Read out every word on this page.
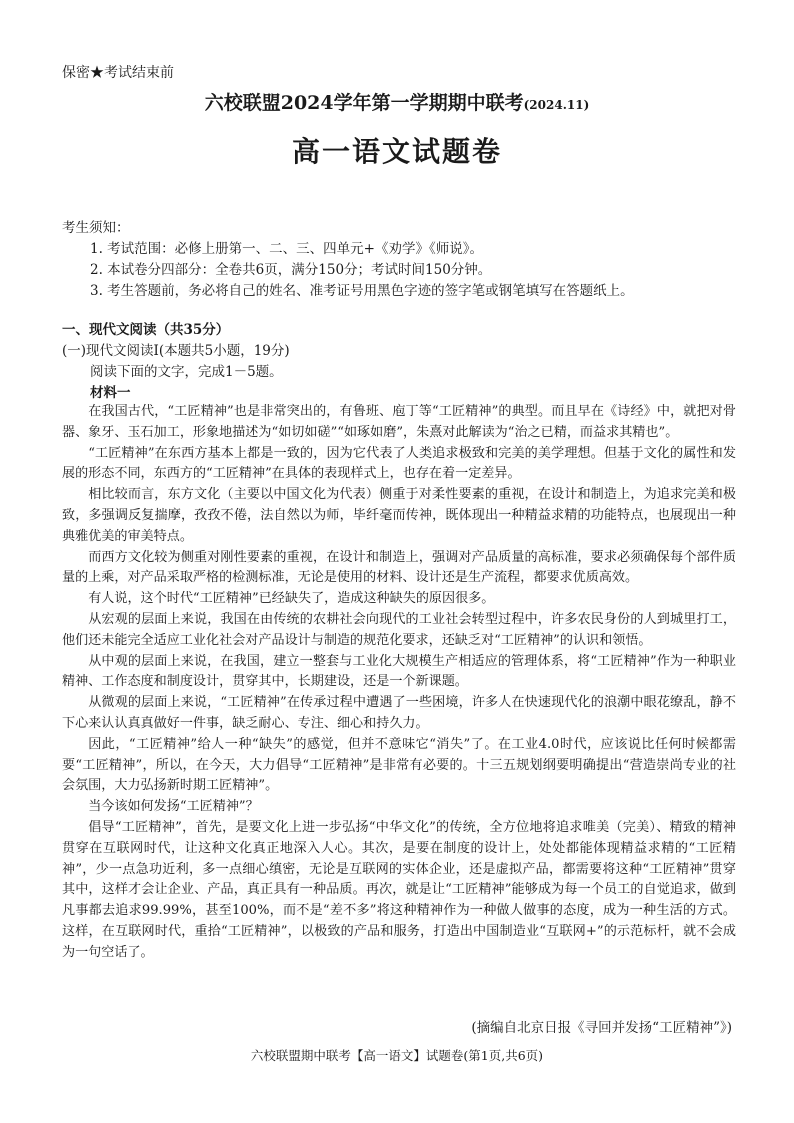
保密★考试结束前
六校联盟2024学年第一学期期中联考(2024.11)
高一语文试题卷
考生须知：
1. 考试范围：必修上册第一、二、三、四单元+《劝学》《师说》。
2. 本试卷分四部分：全卷共6页，满分150分；考试时间150分钟。
3. 考生答题前，务必将自己的姓名、准考证号用黑色字迹的签字笔或钢笔填写在答题纸上。
一、现代文阅读（共35分）
(一)现代文阅读I(本题共5小题，19分)
阅读下面的文字，完成1－5题。
材料一

在我国古代，“工匠精神”也是非常突出的，有鲁班、庖丁等“工匠精神”的典型。而且早在《诗经》中，就把对骨器、象牙、玉石加工，形象地描述为“如切如磋”“如琢如磨”，朱熹对此解读为“治之已精，而益求其精也”。

“工匠精神”在东西方基本上都是一致的，因为它代表了人类追求极致和完美的美学理想。但基于文化的属性和发展的形态不同，东西方的“工匠精神”在具体的表现样式上，也存在着一定差异。

相比较而言，东方文化（主要以中国文化为代表）侧重于对柔性要素的重视，在设计和制造上，为追求完美和极致，多强调反复揣摩，孜孜不倦，法自然以为师，毕纤毫而传神，既体现出一种精益求精的功能特点，也展现出一种典雅优美的审美特点。

而西方文化较为侧重对刚性要素的重视，在设计和制造上，强调对产品质量的高标准，要求必须确保每个部件质量的上乘，对产品采取严格的检测标准，无论是使用的材料、设计还是生产流程，都要求优质高效。

有人说，这个时代“工匠精神”已经缺失了，造成这种缺失的原因很多。

从宏观的层面上来说，我国在由传统的农耕社会向现代的工业社会转型过程中，许多农民身份的人到城里打工，他们还未能完全适应工业化社会对产品设计与制造的规范化要求，还缺乏对“工匠精神”的认识和领悟。

从中观的层面上来说，在我国，建立一整套与工业化大规模生产相适应的管理体系，将“工匠精神”作为一种职业精神、工作态度和制度设计，贯穿其中，长期建设，还是一个新课题。

从微观的层面上来说，“工匠精神”在传承过程中遭遇了一些困境，许多人在快速现代化的浪潮中眼花缭乱，静不下心来认认真真做好一件事，缺乏耐心、专注、细心和持久力。

因此，“工匠精神”给人一种“缺失”的感觉，但并不意味它“消失”了。在工业4.0时代，应该说比任何时候都需要“工匠精神”，所以，在今天，大力倡导“工匠精神”是非常有必要的。十三五规划纲要明确提出“营造崇尚专业的社会氛围，大力弘扬新时期工匠精神”。

当今该如何发扬“工匠精神”？

倡导“工匠精神”，首先，是要文化上进一步弘扬“中华文化”的传统，全方位地将追求唯美（完美）、精致的精神贯穿在互联网时代，让这种文化真正地深入人心。其次，是要在制度的设计上，处处都能体现精益求精的“工匠精神”，少一点急功近利，多一点细心缜密，无论是互联网的实体企业，还是虚拟产品，都需要将这种“工匠精神”贯穿其中，这样才会让企业、产品，真正具有一种品质。再次，就是让“工匠精神”能够成为每一个员工的自觉追求，做到凡事都去追求99.99%，甚至100%，而不是“差不多”将这种精神作为一种做人做事的态度，成为一种生活的方式。这样，在互联网时代，重拾“工匠精神”，以极致的产品和服务，打造出中国制造业“互联网+”的示范标杆，就不会成为一句空话了。

(摘编自北京日报《寻回并发扬“工匠精神”》)
六校联盟期中联考【高一语文】试题卷(第1页,共6页)
